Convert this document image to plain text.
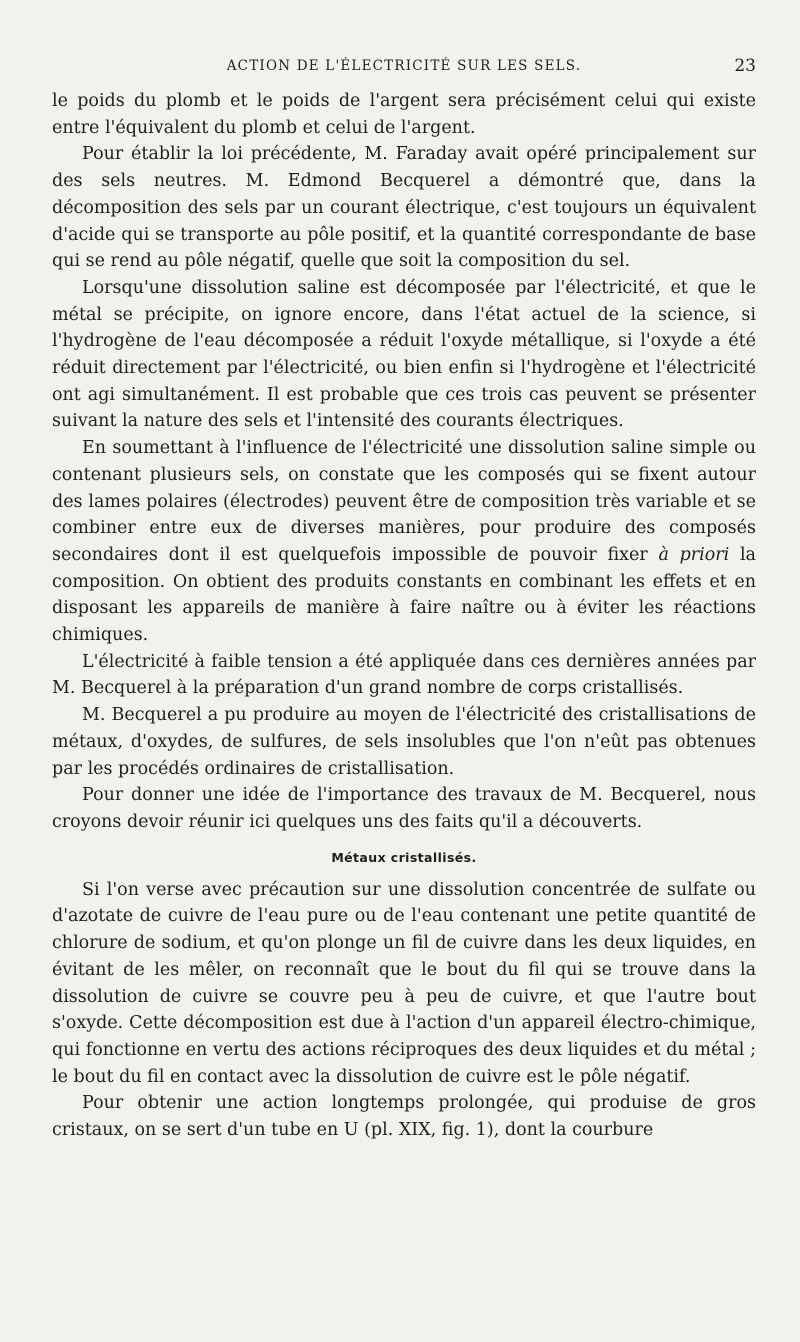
ACTION DE L'ÉLECTRICITÉ SUR LES SELS.	23

le poids du plomb et le poids de l'argent sera précisément celui qui existe entre l'équivalent du plomb et celui de l'argent.

Pour établir la loi précédente, M. Faraday avait opéré principalement sur des sels neutres. M. Edmond Becquerel a démontré que, dans la décomposition des sels par un courant électrique, c'est toujours un équivalent d'acide qui se transporte au pôle positif, et la quantité correspondante de base qui se rend au pôle négatif, quelle que soit la composition du sel.

Lorsqu'une dissolution saline est décomposée par l'électricité, et que le métal se précipite, on ignore encore, dans l'état actuel de la science, si l'hydrogène de l'eau décomposée a réduit l'oxyde métallique, si l'oxyde a été réduit directement par l'électricité, ou bien enfin si l'hydrogène et l'électricité ont agi simultanément. Il est probable que ces trois cas peuvent se présenter suivant la nature des sels et l'intensité des courants électriques.

En soumettant à l'influence de l'électricité une dissolution saline simple ou contenant plusieurs sels, on constate que les composés qui se fixent autour des lames polaires (électrodes) peuvent être de composition très variable et se combiner entre eux de diverses manières, pour produire des composés secondaires dont il est quelquefois impossible de pouvoir fixer à priori la composition. On obtient des produits constants en combinant les effets et en disposant les appareils de manière à faire naître ou à éviter les réactions chimiques.

L'électricité à faible tension a été appliquée dans ces dernières années par M. Becquerel à la préparation d'un grand nombre de corps cristallisés.

M. Becquerel a pu produire au moyen de l'électricité des cristallisations de métaux, d'oxydes, de sulfures, de sels insolubles que l'on n'eût pas obtenues par les procédés ordinaires de cristallisation.

Pour donner une idée de l'importance des travaux de M. Becquerel, nous croyons devoir réunir ici quelques uns des faits qu'il a découverts.

Métaux cristallisés.

Si l'on verse avec précaution sur une dissolution concentrée de sulfate ou d'azotate de cuivre de l'eau pure ou de l'eau contenant une petite quantité de chlorure de sodium, et qu'on plonge un fil de cuivre dans les deux liquides, en évitant de les mêler, on reconnaît que le bout du fil qui se trouve dans la dissolution de cuivre se couvre peu à peu de cuivre, et que l'autre bout s'oxyde. Cette décomposition est due à l'action d'un appareil électro-chimique, qui fonctionne en vertu des actions réciproques des deux liquides et du métal ; le bout du fil en contact avec la dissolution de cuivre est le pôle négatif.

Pour obtenir une action longtemps prolongée, qui produise de gros cristaux, on se sert d'un tube en U (pl. XIX, fig. 1), dont la courbure
